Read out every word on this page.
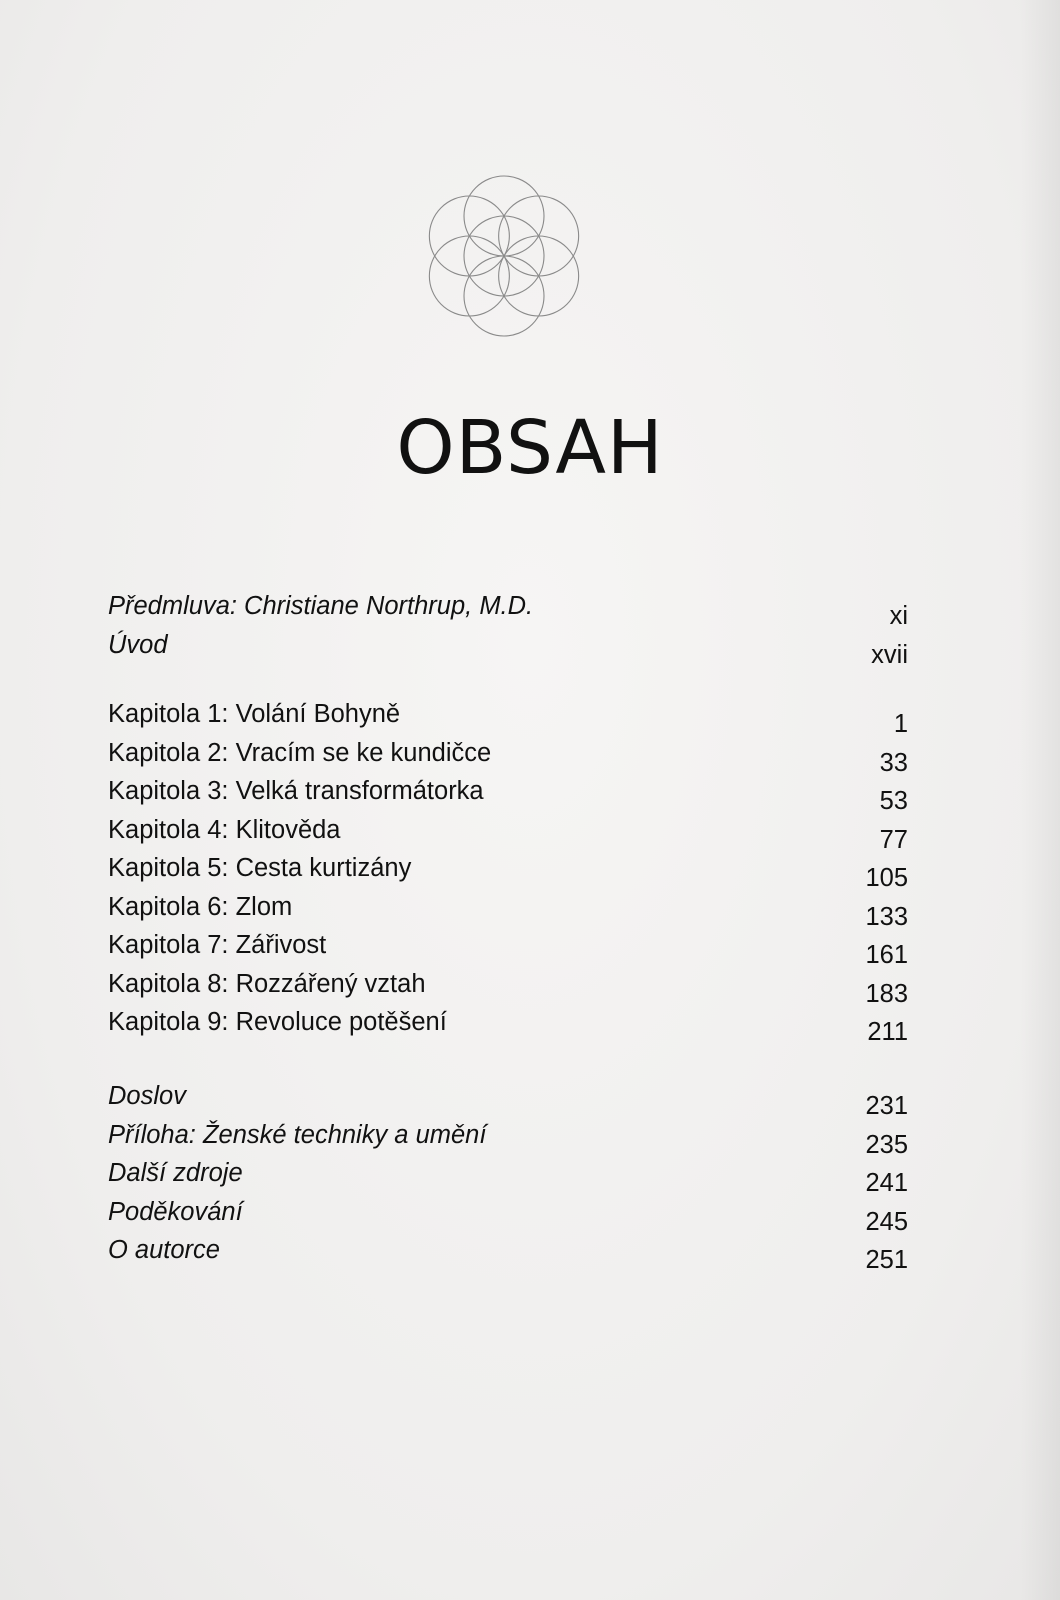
OBSAH
Předmluva: Christiane Northrup, M.D.	xi
Úvod	xvii
Kapitola 1: Volání Bohyně	1
Kapitola 2: Vracím se ke kundičce	33
Kapitola 3: Velká transformátorka	53
Kapitola 4: Klitověda	77
Kapitola 5: Cesta kurtizány	105
Kapitola 6: Zlom	133
Kapitola 7: Zářivost	161
Kapitola 8: Rozzářený vztah	183
Kapitola 9: Revoluce potěšení	211
Doslov	231
Příloha: Ženské techniky a umění	235
Další zdroje	241
Poděkování	245
O autorce	251
